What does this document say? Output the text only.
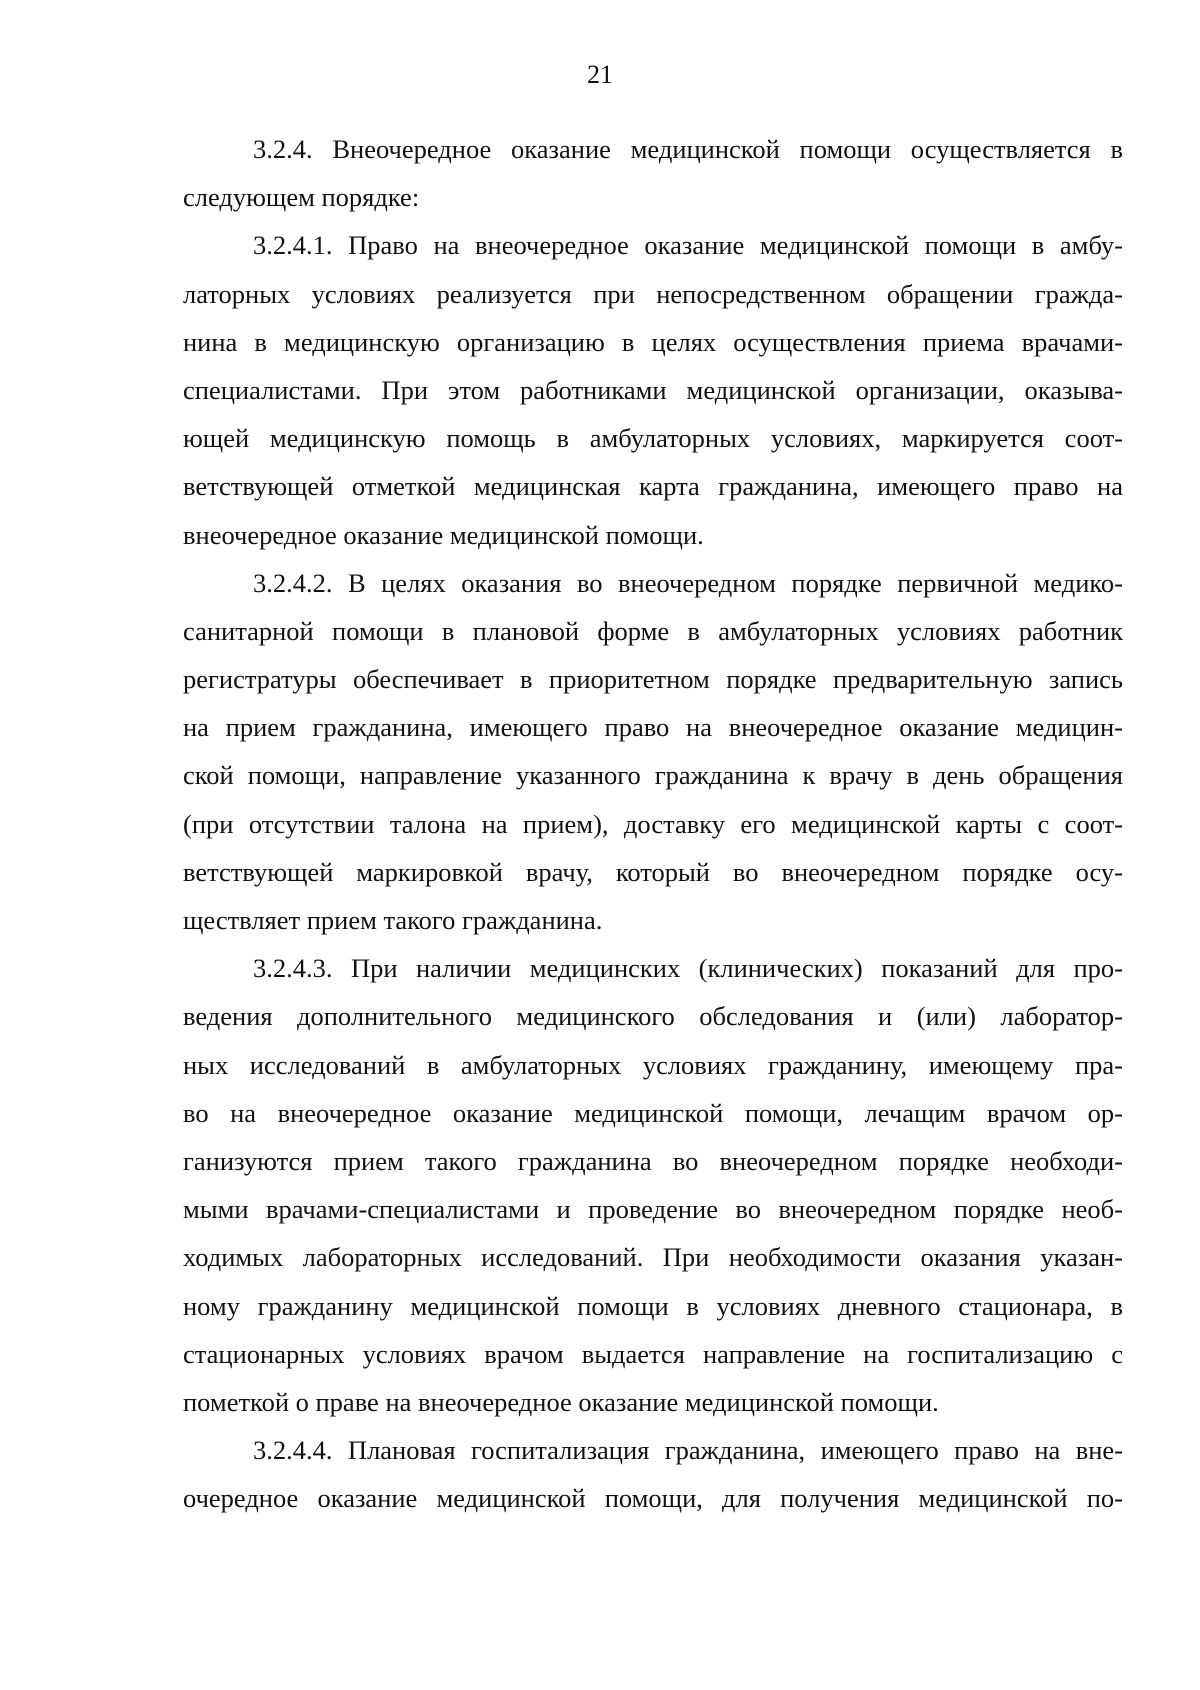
21

3.2.4. Внеочередное оказание медицинской помощи осуществляется в
следующем порядке:

3.2.4.1. Право на внеочередное оказание медицинской помощи в амбу-
латорных условиях реализуется при непосредственном обращении гражда-
нина в медицинскую организацию в целях осуществления приема врачами-
специалистами. При этом работниками медицинской организации, оказыва-
ющей медицинскую помощь в амбулаторных условиях, маркируется соот-
ветствующей отметкой медицинская карта гражданина, имеющего право на
внеочередное оказание медицинской помощи.

3.2.4.2. В целях оказания во внеочередном порядке первичной медико-
санитарной помощи в плановой форме в амбулаторных условиях работник
регистратуры обеспечивает в приоритетном порядке предварительную запись
на прием гражданина, имеющего право на внеочередное оказание медицин-
ской помощи, направление указанного гражданина к врачу в день обращения
(при отсутствии талона на прием), доставку его медицинской карты с соот-
ветствующей маркировкой врачу, который во внеочередном порядке осу-
ществляет прием такого гражданина.

3.2.4.3. При наличии медицинских (клинических) показаний для про-
ведения дополнительного медицинского обследования и (или) лаборатор-
ных исследований в амбулаторных условиях гражданину, имеющему пра-
во на внеочередное оказание медицинской помощи, лечащим врачом ор-
ганизуются прием такого гражданина во внеочередном порядке необходи-
мыми врачами-специалистами и проведение во внеочередном порядке необ-
ходимых лабораторных исследований. При необходимости оказания указан-
ному гражданину медицинской помощи в условиях дневного стационара, в
стационарных условиях врачом выдается направление на госпитализацию с
пометкой о праве на внеочередное оказание медицинской помощи.

3.2.4.4. Плановая госпитализация гражданина, имеющего право на вне-
очередное оказание медицинской помощи, для получения медицинской по-
